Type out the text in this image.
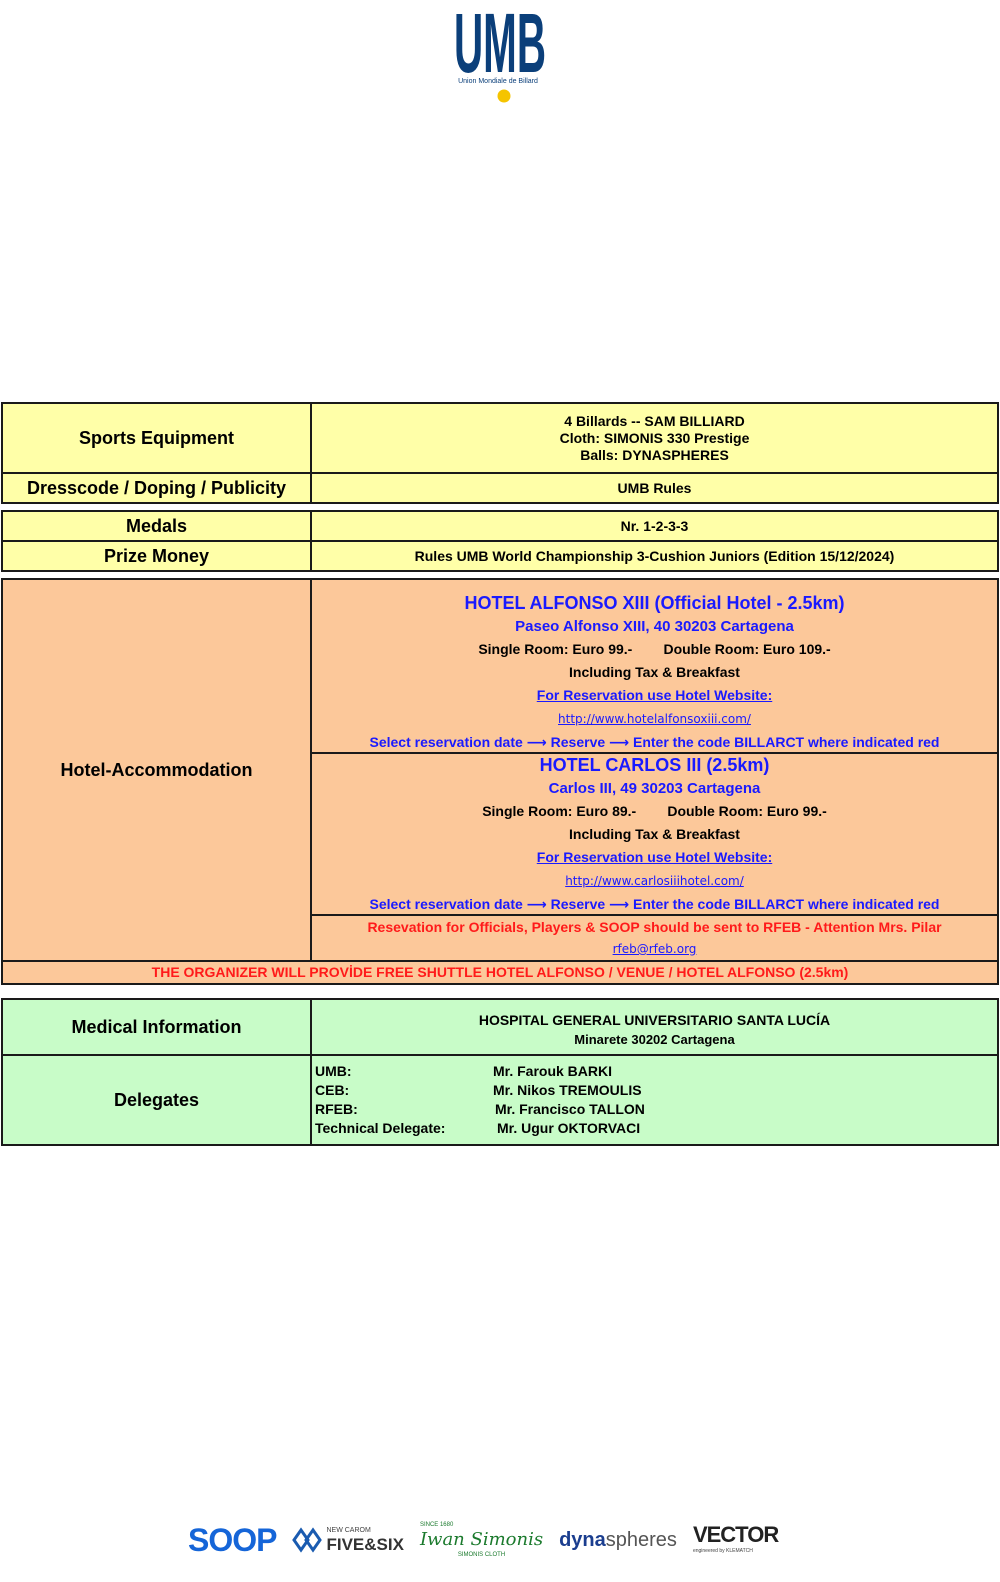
UMB
Union Mondiale de Billard
Sports Equipment

4 Billards -- SAM BILLIARD

Cloth: SIMONIS 330 Prestige

Balls: DYNASPHERES

Dresscode / Doping / Publicity	UMB Rules
Medals	Nr. 1-2-3-3
Prize Money	Rules UMB World Championship 3-Cushion Juniors (Edition 15/12/2024)
Hotel-Accommodation

HOTEL ALFONSO XIII (Official Hotel - 2.5km)

Paseo Alfonso XIII, 40 30203 Cartagena

Single Room: Euro 99.- Double Room: Euro 109.-

Including Tax & Breakfast

For Reservation use Hotel Website:

http://www.hotelalfonsoxiii.com/

Select reservation date ⟶ Reserve ⟶ Enter the code BILLARCT where indicated red

HOTEL CARLOS III (2.5km)

Carlos III, 49 30203 Cartagena

Single Room: Euro 89.- Double Room: Euro 99.-

Including Tax & Breakfast

For Reservation use Hotel Website:

http://www.carlosiiihotel.com/

Select reservation date ⟶ Reserve ⟶ Enter the code BILLARCT where indicated red

Resevation for Officials, Players & SOOP should be sent to RFEB - Attention Mrs. Pilar

rfeb@rfeb.org

THE ORGANIZER WILL PROVİDE FREE SHUTTLE HOTEL ALFONSO / VENUE / HOTEL ALFONSO (2.5km)
Medical Information	HOSPITAL GENERAL UNIVERSITARIO SANTA LUCÍA

Minarete 30202 Cartagena

Delegates
UMB:	Mr. Farouk BARKI
CEB:	Mr. Nikos TREMOULIS
RFEB:	Mr. Francisco TALLON
Technical Delegate:	Mr. Ugur OKTORVACI
SOOP	NEW CAROM
FIVE&SIX
SINCE 1680
Iwan Simonis
SIMONIS CLOTH
dynaspheres VECTOR
engineered by KLEMATCH
